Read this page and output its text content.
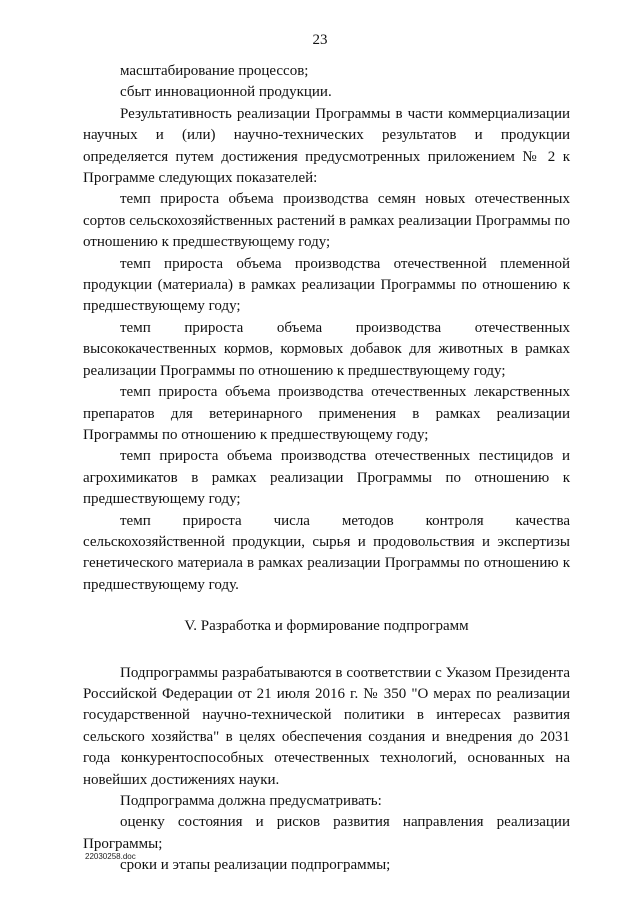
23

масштабирование процессов;

сбыт инновационной продукции.

Результативность реализации Программы в части коммерциализации научных и (или) научно-технических результатов и продукции определяется путем достижения предусмотренных приложением № 2 к Программе следующих показателей:

темп прироста объема производства семян новых отечественных сортов сельскохозяйственных растений в рамках реализации Программы по отношению к предшествующему году;

темп прироста объема производства отечественной племенной продукции (материала) в рамках реализации Программы по отношению к предшествующему году;

темп прироста объема производства отечественных высококачественных кормов, кормовых добавок для животных в рамках реализации Программы по отношению к предшествующему году;

темп прироста объема производства отечественных лекарственных препаратов для ветеринарного применения в рамках реализации Программы по отношению к предшествующему году;

темп прироста объема производства отечественных пестицидов и агрохимикатов в рамках реализации Программы по отношению к предшествующему году;

темп прироста числа методов контроля качества сельскохозяйственной продукции, сырья и продовольствия и экспертизы генетического материала в рамках реализации Программы по отношению к предшествующему году.

V. Разработка и формирование подпрограмм

Подпрограммы разрабатываются в соответствии с Указом Президента Российской Федерации от 21 июля 2016 г. № 350 "О мерах по реализации государственной научно-технической политики в интересах развития сельского хозяйства" в целях обеспечения создания и внедрения до 2031 года конкурентоспособных отечественных технологий, основанных на новейших достижениях науки.

Подпрограмма должна предусматривать:

оценку состояния и рисков развития направления реализации Программы;

сроки и этапы реализации подпрограммы;

22030258.doc
